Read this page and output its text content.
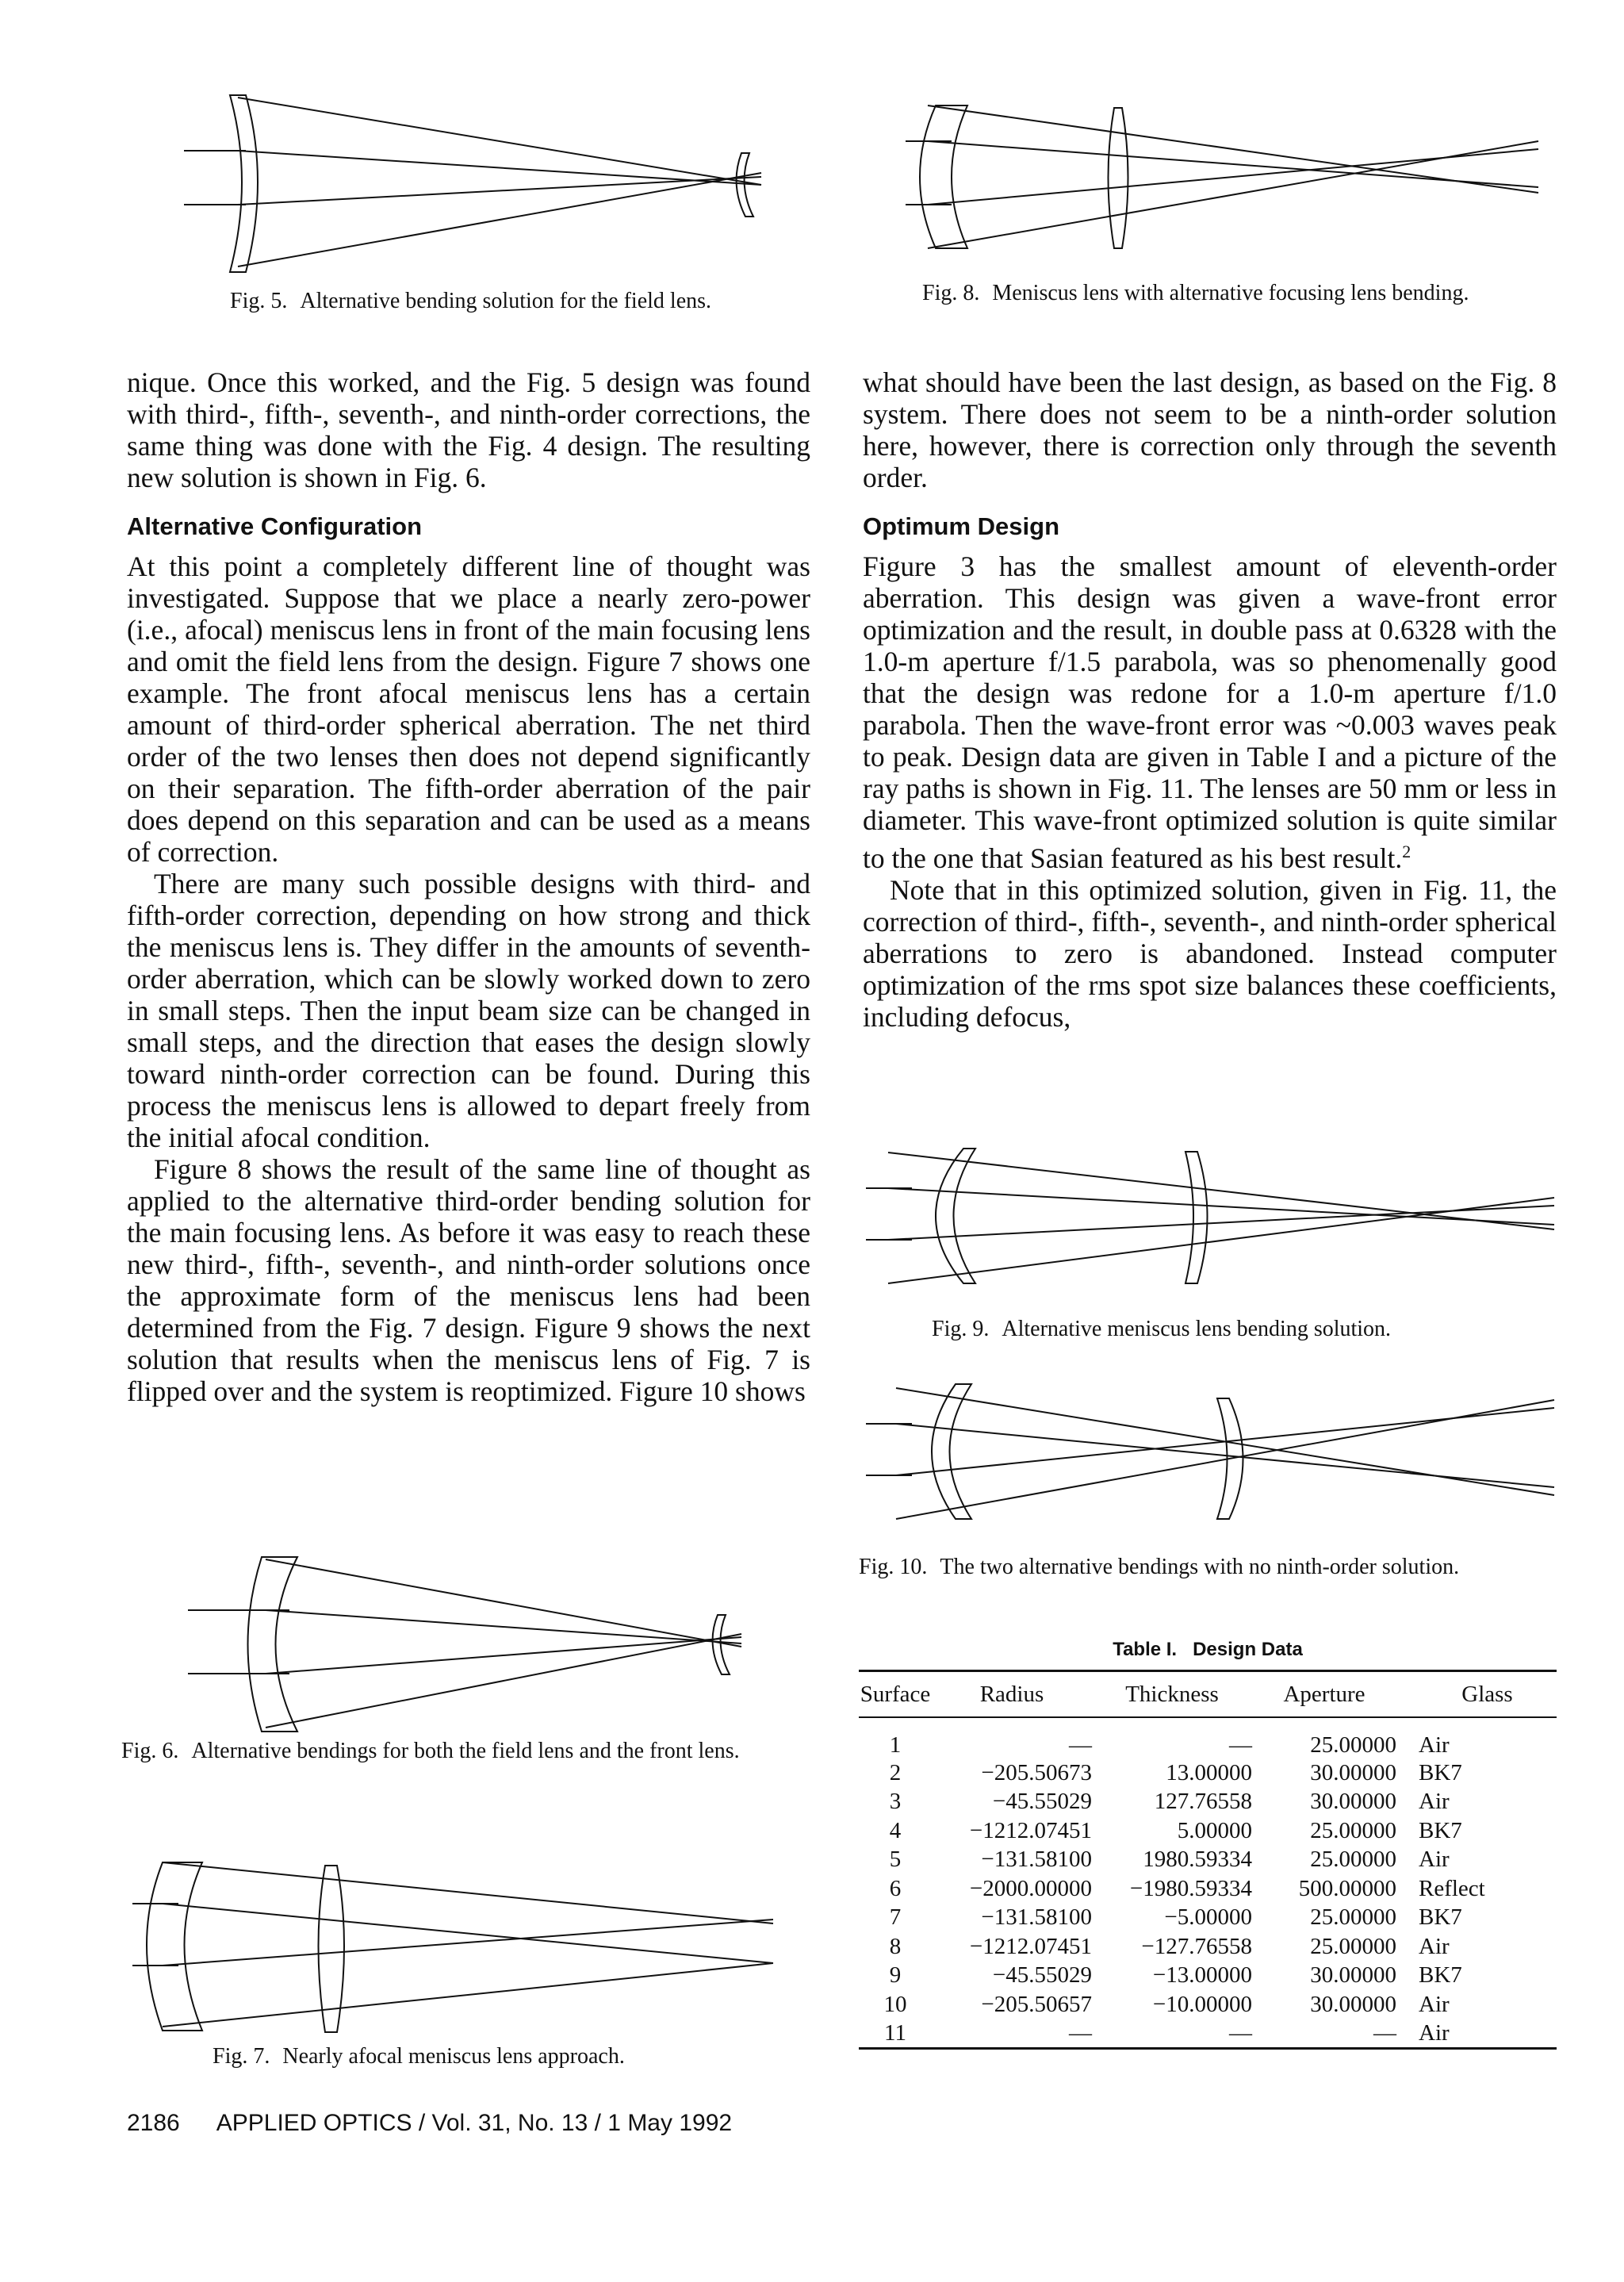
Fig. 5. Alternative bending solution for the field lens.	Fig. 8. Meniscus lens with alternative focusing lens bending.

nique. Once this worked, and the Fig. 5 design was found with third-, fifth-, seventh-, and ninth-order corrections, the same thing was done with the Fig. 4 design. The resulting new solution is shown in Fig. 6.

Alternative Configuration

At this point a completely different line of thought was investigated. Suppose that we place a nearly zero-power (i.e., afocal) meniscus lens in front of the main focusing lens and omit the field lens from the design. Figure 7 shows one example. The front afocal meniscus lens has a certain amount of third-order spherical aberration. The net third order of the two lenses then does not depend significantly on their separation. The fifth-order aberration of the pair does depend on this separation and can be used as a means of correction.

There are many such possible designs with third- and fifth-order correction, depending on how strong and thick the meniscus lens is. They differ in the amounts of seventh-order aberration, which can be slowly worked down to zero in small steps. Then the input beam size can be changed in small steps, and the direction that eases the design slowly toward ninth-order correction can be found. During this process the meniscus lens is allowed to depart freely from the initial afocal condition.

Figure 8 shows the result of the same line of thought as applied to the alternative third-order bending solution for the main focusing lens. As before it was easy to reach these new third-, fifth-, seventh-, and ninth-order solutions once the approximate form of the meniscus lens had been determined from the Fig. 7 design. Figure 9 shows the next solution that results when the meniscus lens of Fig. 7 is flipped over and the system is reoptimized. Figure 10 shows

what should have been the last design, as based on the Fig. 8 system. There does not seem to be a ninth-order solution here, however, there is correction only through the seventh order.

Optimum Design

Figure 3 has the smallest amount of eleventh-order aberration. This design was given a wave-front error optimization and the result, in double pass at 0.6328 with the 1.0-m aperture f/1.5 parabola, was so phenomenally good that the design was redone for a 1.0-m aperture f/1.0 parabola. Then the wave-front error was ~0.003 waves peak to peak. Design data are given in Table I and a picture of the ray paths is shown in Fig. 11. The lenses are 50 mm or less in diameter. This wave-front optimized solution is quite similar to the one that Sasian featured as his best result.$^2$

Note that in this optimized solution, given in Fig. 11, the correction of third-, fifth-, seventh-, and ninth-order spherical aberrations to zero is abandoned. Instead computer optimization of the rms spot size balances these coefficients, including defocus,

Fig. 9. Alternative meniscus lens bending solution.
Fig. 10. The two alternative bendings with no ninth-order solution.
Fig. 6. Alternative bendings for both the field lens and the front lens.
Fig. 7. Nearly afocal meniscus lens approach.
Table I. Design Data
Surface	Radius	Thickness	Aperture	Glass
1	—	—	25.00000	Air
2	−205.50673	13.00000	30.00000	BK7
3	−45.55029	127.76558	30.00000	Air
4	−1212.07451	5.00000	25.00000	BK7
5	−131.58100	1980.59334	25.00000	Air
6	−2000.00000	−1980.59334	500.00000	Reflect
7	−131.58100	−5.00000	25.00000	BK7
8	−1212.07451	−127.76558	25.00000	Air
9	−45.55029	−13.00000	30.00000	BK7
10	−205.50657	−10.00000	30.00000	Air
11	—	—	—	Air
2186 APPLIED OPTICS / Vol. 31, No. 13 / 1 May 1992
